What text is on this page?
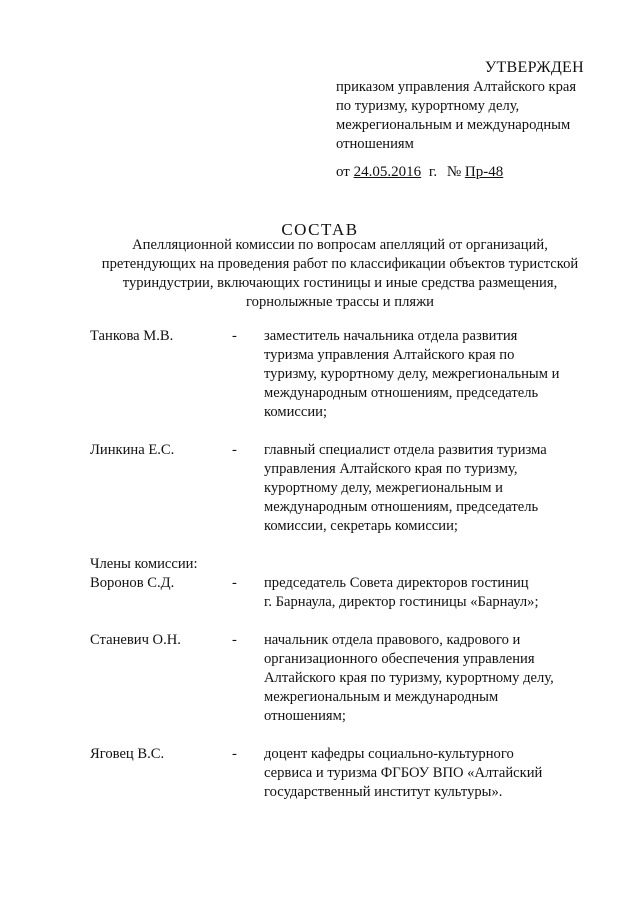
УТВЕРЖДЕН
приказом управления Алтайского края
по туризму, курортному делу,
межрегиональным и международным
отношениям
от 24.05.2016 г. № Пр-48
СОСТАВ
Апелляционной комиссии по вопросам апелляций от организаций,
претендующих на проведения работ по классификации объектов туристской
туриндустрии, включающих гостиницы и иные средства размещения,
горнолыжные трассы и пляжи
Танкова М.В.	-	заместитель начальника отдела развития
туризма управления Алтайского края по
туризму, курортному делу, межрегиональным и
международным отношениям, председатель
комиссии;
Линкина Е.С.	-	главный специалист отдела развития туризма
управления Алтайского края по туризму,
курортному делу, межрегиональным и
международным отношениям, председатель
комиссии, секретарь комиссии;
Члены комиссии:
Воронов С.Д.	-	председатель Совета директоров гостиниц
г. Барнаула, директор гостиницы «Барнаул»;
Станевич О.Н.	-	начальник отдела правового, кадрового и
организационного обеспечения управления
Алтайского края по туризму, курортному делу,
межрегиональным и международным
отношениям;
Яговец В.С.	-	доцент кафедры социально-культурного
сервиса и туризма ФГБОУ ВПО «Алтайский
государственный институт культуры».
